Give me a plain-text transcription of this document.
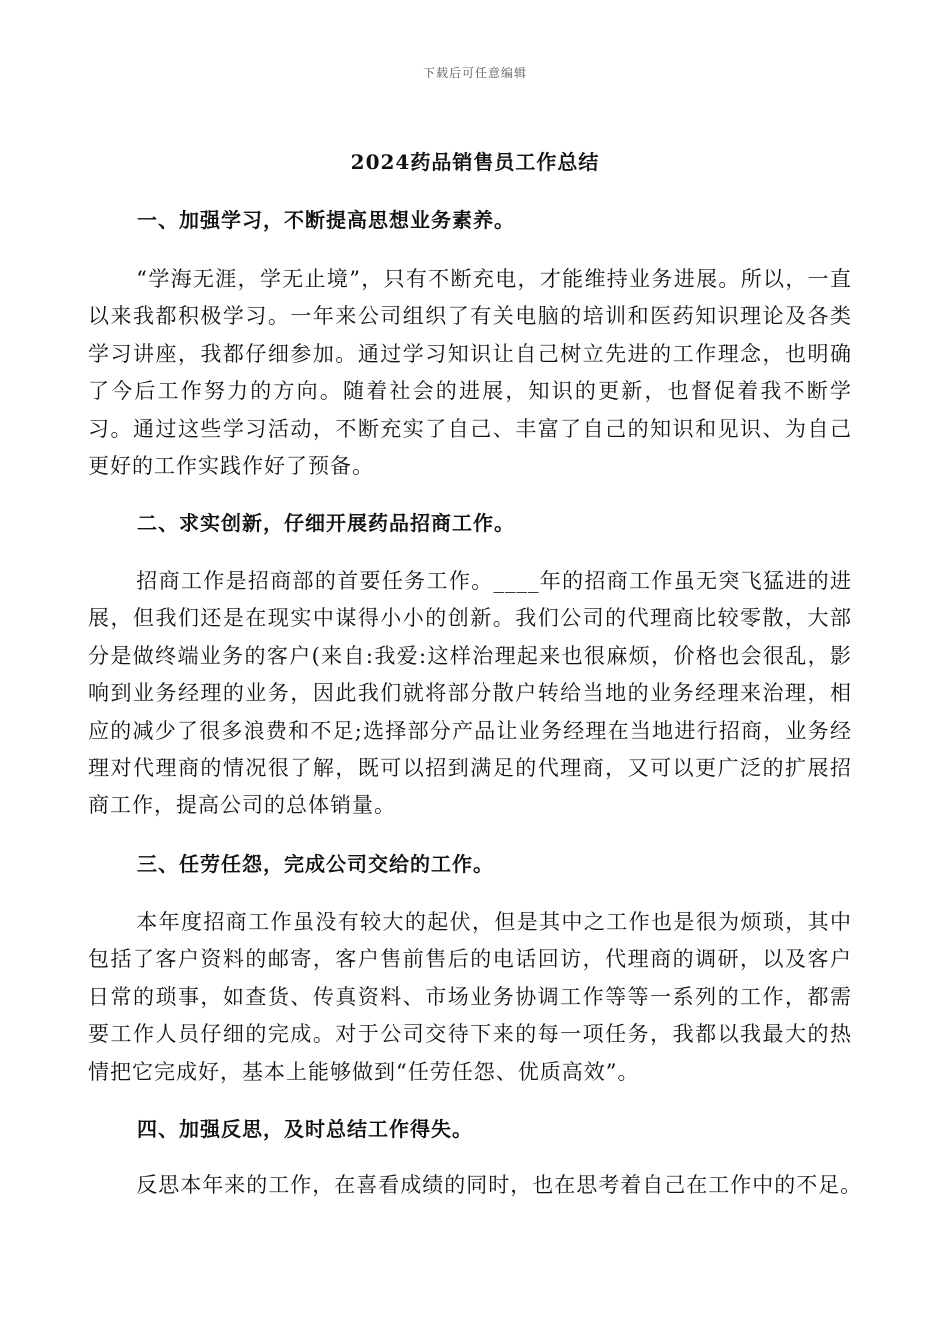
下载后可任意编辑
2024药品销售员工作总结
一、加强学习，不断提高思想业务素养。
“学海无涯，学无止境”，只有不断充电，才能维持业务进展。所以，一直以来我都积极学习。一年来公司组织了有关电脑的培训和医药知识理论及各类学习讲座，我都仔细参加。通过学习知识让自己树立先进的工作理念，也明确了今后工作努力的方向。随着社会的进展，知识的更新，也督促着我不断学习。通过这些学习活动，不断充实了自己、丰富了自己的知识和见识、为自己更好的工作实践作好了预备。
二、求实创新，仔细开展药品招商工作。
招商工作是招商部的首要任务工作。____年的招商工作虽无突飞猛进的进展，但我们还是在现实中谋得小小的创新。我们公司的代理商比较零散，大部分是做终端业务的客户(来自:我爱:这样治理起来也很麻烦，价格也会很乱，影响到业务经理的业务，因此我们就将部分散户转给当地的业务经理来治理，相应的减少了很多浪费和不足;选择部分产品让业务经理在当地进行招商，业务经理对代理商的情况很了解，既可以招到满足的代理商，又可以更广泛的扩展招商工作，提高公司的总体销量。
三、任劳任怨，完成公司交给的工作。
本年度招商工作虽没有较大的起伏，但是其中之工作也是很为烦琐，其中包括了客户资料的邮寄，客户售前售后的电话回访，代理商的调研，以及客户日常的琐事，如查货、传真资料、市场业务协调工作等等一系列的工作，都需要工作人员仔细的完成。对于公司交待下来的每一项任务，我都以我最大的热情把它完成好，基本上能够做到“任劳任怨、优质高效”。
四、加强反思，及时总结工作得失。
反思本年来的工作，在喜看成绩的同时，也在思考着自己在工作中的不足。
